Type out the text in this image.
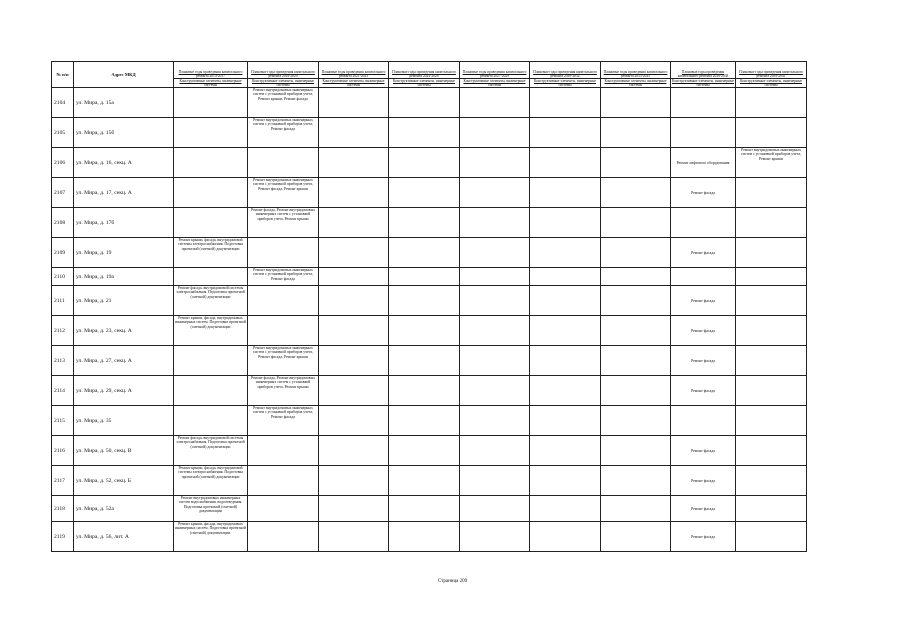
№ п/п	Адрес МКД	Плановые годы проведения капитального ремонта 2014-2017	Плановые годы проведения капитального ремонта 2018-2020	Плановые годы проведения капитального ремонта 2021-2023	Плановые годы проведения капитального ремонта 2024-2026	Плановые годы проведения капитального ремонта 2027-2029	Плановые годы проведения капитального ремонта 2030-2032	Плановые годы проведения капитального ремонта 2033-2035	Плановые годы проведения капитального ремонта 2036-2038	Плановые годы проведения капитального ремонта 2039-2041
		Конструктивные элементы, инженерные системы	Конструктивные элементы, инженерные системы	Конструктивные элементы, инженерные системы	Конструктивные элементы, инженерные системы	Конструктивные элементы, инженерные системы	Конструктивные элементы, инженерные системы	Конструктивные элементы, инженерные системы	Конструктивные элементы, инженерные системы	Конструктивные элементы, инженерные системы
2104	ул. Мира, д. 15а		Ремонт внутридомовых инженерных систем с установкой приборов учета, Ремонт крыши, Ремонт фасада							
2105	ул. Мира, д. 15б		Ремонт внутридомовых инженерных систем с установкой приборов учета, Ремонт фасада							
2106	ул. Мира, д. 16, секц. А								Ремонт лифтового оборудования	Ремонт внутридомовых инженерных систем с установкой приборов учета, Ремонт крыши
2107	ул. Мира, д. 17, секц. А		Ремонт внутридомовых инженерных систем с установкой приборов учета, Ремонт фасада, Ремонт крыши						Ремонт фасада	
2108	ул. Мира, д. 17б		Ремонт фасада, Ремонт внутридомовых инженерных систем с установкой приборов учета, Ремонт крыши							
2109	ул. Мира, д. 19	Ремонт крыши, фасада, внутридомовой системы электроснабжения. Подготовка проектной (сметной) документации							Ремонт фасада	
2110	ул. Мира, д. 19а		Ремонт внутридомовых инженерных систем с установкой приборов учета, Ремонт фасада							
2111	ул. Мира, д. 21	Ремонт фасада, внутридомовой системы электроснабжения. Подготовка проектной (сметной) документации							Ремонт фасада	
2112	ул. Мира, д. 23, секц. А	Ремонт крыши, фасада, внутридомовых инженерных систем. Подготовка проектной (сметной) документации							Ремонт фасада	
2113	ул. Мира, д. 27, секц. А		Ремонт внутридомовых инженерных систем с установкой приборов учета, Ремонт фасада, Ремонт крыши						Ремонт фасада	
2114	ул. Мира, д. 29, секц. А		Ремонт фасада, Ремонт внутридомовых инженерных систем с установкой приборов учета, Ремонт крыши						Ремонт фасада	
2115	ул. Мира, д. 35		Ремонт внутридомовых инженерных систем с установкой приборов учета, Ремонт фасада							
2116	ул. Мира, д. 50, секц. В	Ремонт фасада, внутридомовой системы электроснабжения. Подготовка проектной (сметной) документации							Ремонт фасада	
2117	ул. Мира, д. 52, секц. Б	Ремонт крыши, фасада, внутридомовой системы электроснабжения. Подготовка проектной (сметной) документации							Ремонт фасада	
2118	ул. Мира, д. 52а	Ремонт внутридомовых инженерных систем водоснабжения, водоотведения. Подготовка проектной (сметной) документации							Ремонт фасада	
2119	ул. Мира, д. 56, лит. А	Ремонт крыши, фасада, внутридомовых инженерных систем. Подготовка проектной (сметной) документации.							Ремонт фасада	
Страница 209
